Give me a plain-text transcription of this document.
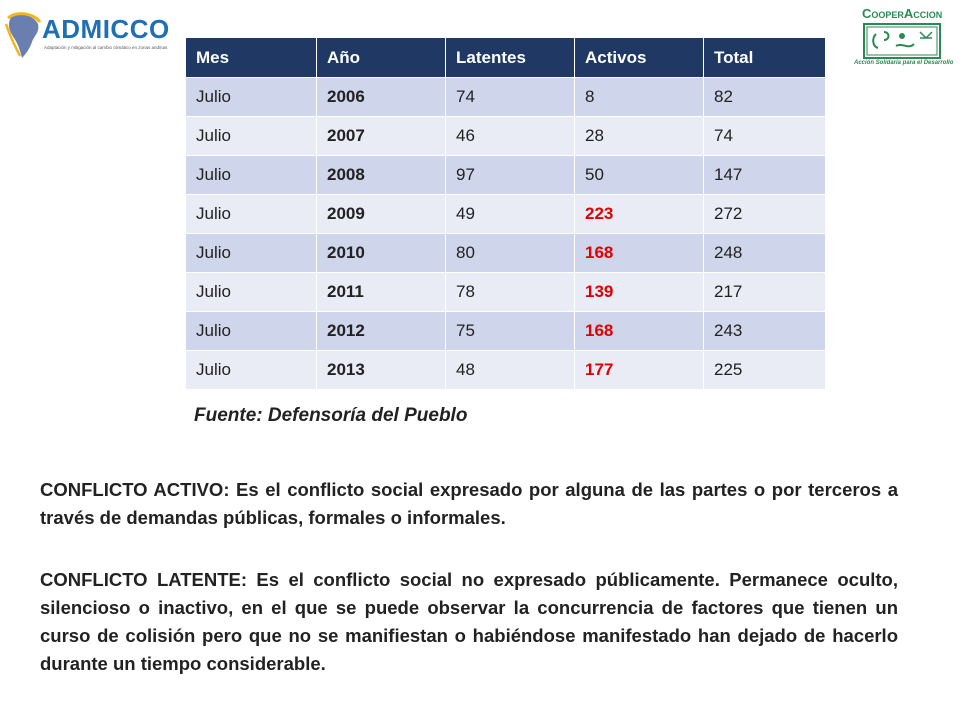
ADMICCO
Adaptación y mitigación al cambio climático en zonas andinas
CooperAccion
Acción Solidaria para el Desarrollo
Mes	Año	Latentes	Activos	Total
Julio	2006	74	8	82
Julio	2007	46	28	74
Julio	2008	97	50	147
Julio	2009	49	223	272
Julio	2010	80	168	248
Julio	2011	78	139	217
Julio	2012	75	168	243
Julio	2013	48	177	225
Fuente: Defensoría del Pueblo
CONFLICTO ACTIVO: Es el conflicto social expresado por alguna de las partes o por terceros a través de demandas públicas, formales o informales.
CONFLICTO LATENTE: Es el conflicto social no expresado públicamente. Permanece oculto, silencioso o inactivo, en el que se puede observar la concurrencia de factores que tienen un curso de colisión pero que no se manifiestan o habiéndose manifestado han dejado de hacerlo durante un tiempo considerable.
